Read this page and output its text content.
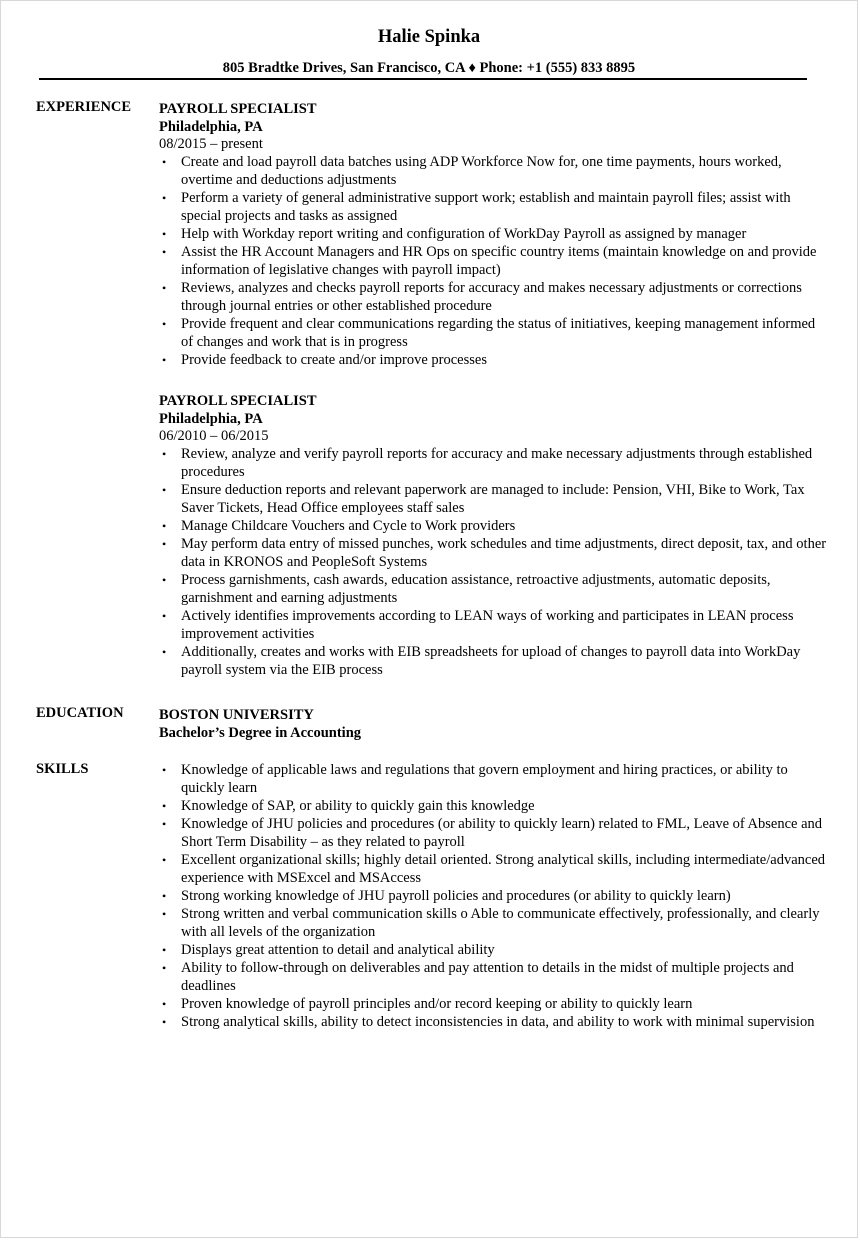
Halie Spinka
805 Bradtke Drives, San Francisco, CA ♦ Phone: +1 (555) 833 8895
EXPERIENCE PAYROLL SPECIALIST
Philadelphia, PA
08/2015 – present
• Create and load payroll data batches using ADP Workforce Now for, one time payments, hours worked, overtime and deductions adjustments
• Perform a variety of general administrative support work; establish and maintain payroll files; assist with special projects and tasks as assigned
• Help with Workday report writing and configuration of WorkDay Payroll as assigned by manager
• Assist the HR Account Managers and HR Ops on specific country items (maintain knowledge on and provide information of legislative changes with payroll impact)
• Reviews, analyzes and checks payroll reports for accuracy and makes necessary adjustments or corrections through journal entries or other established procedure
• Provide frequent and clear communications regarding the status of initiatives, keeping management informed of changes and work that is in progress
• Provide feedback to create and/or improve processes
PAYROLL SPECIALIST
Philadelphia, PA
06/2010 – 06/2015
• Review, analyze and verify payroll reports for accuracy and make necessary adjustments through established procedures
• Ensure deduction reports and relevant paperwork are managed to include: Pension, VHI, Bike to Work, Tax Saver Tickets, Head Office employees staff sales
• Manage Childcare Vouchers and Cycle to Work providers
• May perform data entry of missed punches, work schedules and time adjustments, direct deposit, tax, and other data in KRONOS and PeopleSoft Systems
• Process garnishments, cash awards, education assistance, retroactive adjustments, automatic deposits, garnishment and earning adjustments
• Actively identifies improvements according to LEAN ways of working and participates in LEAN process improvement activities
• Additionally, creates and works with EIB spreadsheets for upload of changes to payroll data into WorkDay payroll system via the EIB process
EDUCATION BOSTON UNIVERSITY
Bachelor’s Degree in Accounting
SKILLS	• Knowledge of applicable laws and regulations that govern employment and hiring practices, or ability to quickly learn
• Knowledge of SAP, or ability to quickly gain this knowledge
• Knowledge of JHU policies and procedures (or ability to quickly learn) related to FML, Leave of Absence and Short Term Disability – as they related to payroll
• Excellent organizational skills; highly detail oriented. Strong analytical skills, including intermediate/advanced experience with MSExcel and MSAccess
• Strong working knowledge of JHU payroll policies and procedures (or ability to quickly learn)
• Strong written and verbal communication skills o Able to communicate effectively, professionally, and clearly with all levels of the organization
• Displays great attention to detail and analytical ability
• Ability to follow-through on deliverables and pay attention to details in the midst of multiple projects and deadlines
• Proven knowledge of payroll principles and/or record keeping or ability to quickly learn
• Strong analytical skills, ability to detect inconsistencies in data, and ability to work with minimal supervision
